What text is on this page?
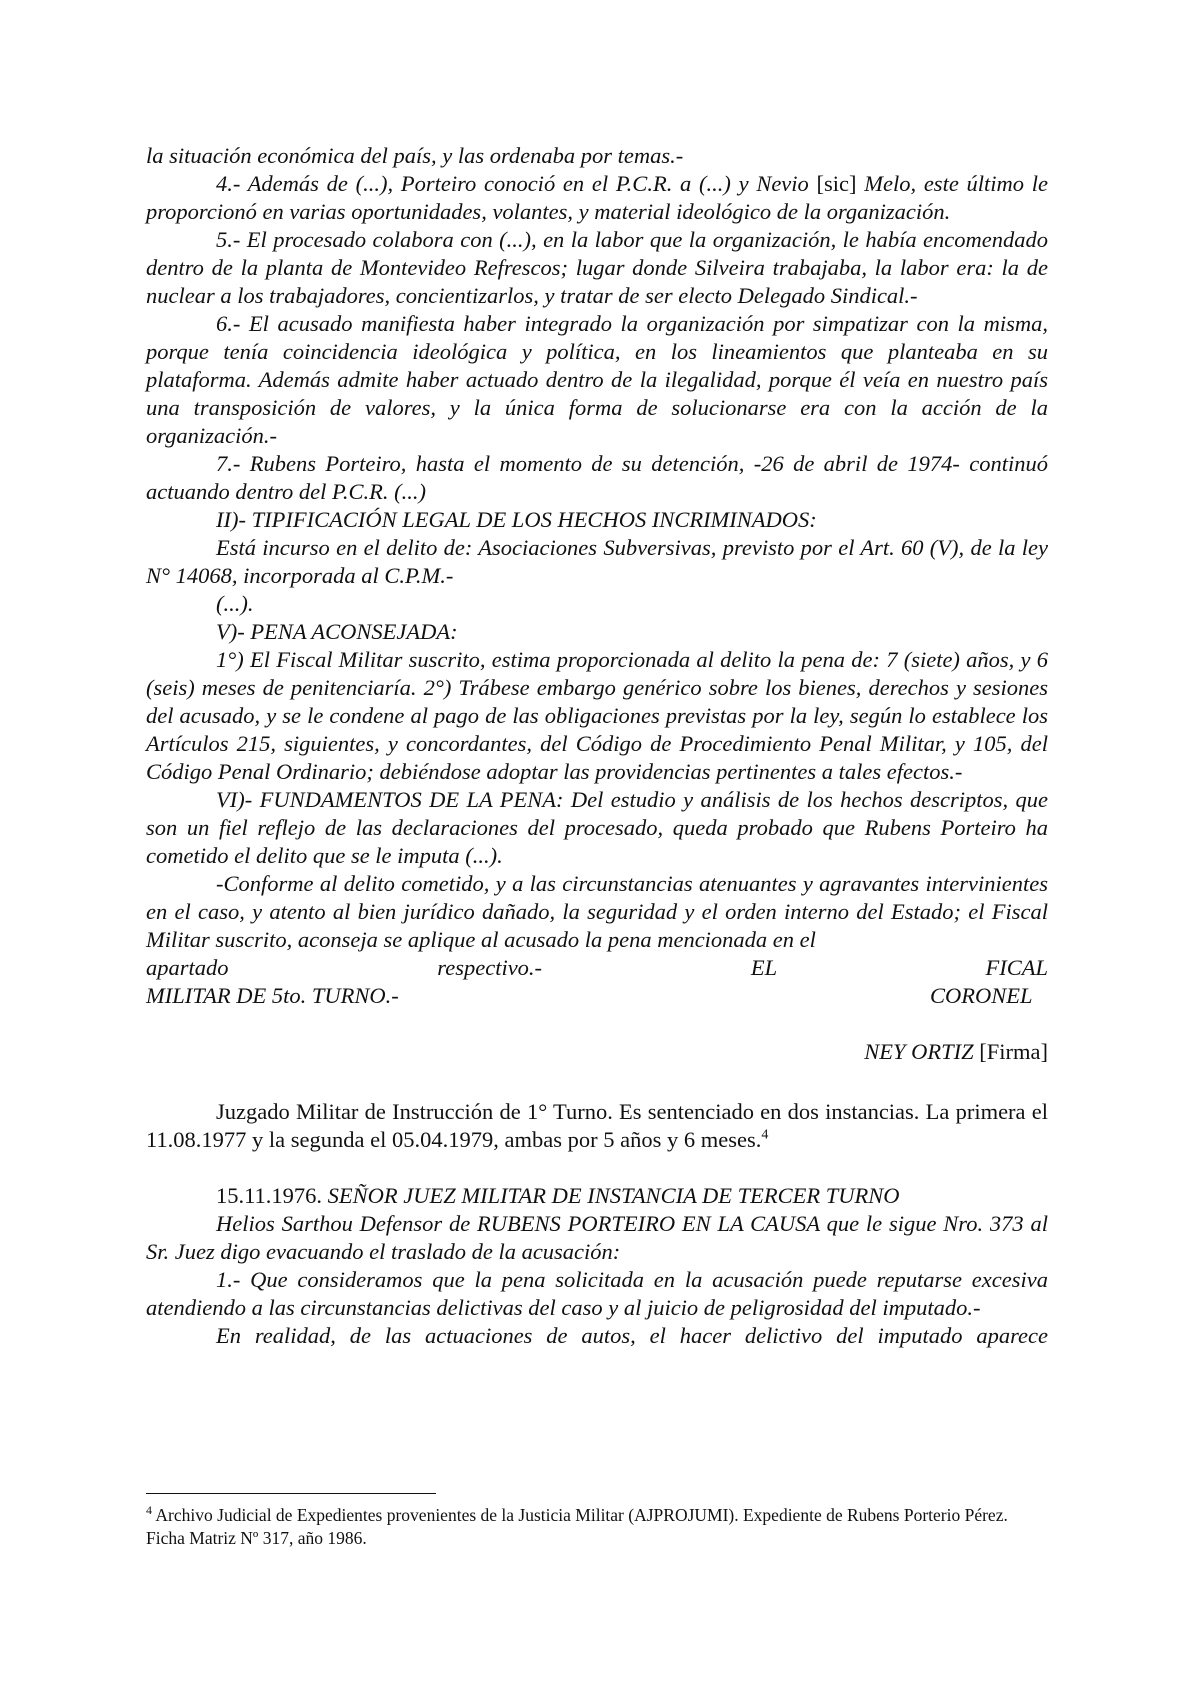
la situación económica del país, y las ordenaba por temas.-

4.- Además de (...), Porteiro conoció en el P.C.R. a (...) y Nevio [sic] Melo, este último le proporcionó en varias oportunidades, volantes, y material ideológico de la organización.

5.- El procesado colabora con (...), en la labor que la organización, le había encomendado dentro de la planta de Montevideo Refrescos; lugar donde Silveira trabajaba, la labor era: la de nuclear a los trabajadores, concientizarlos, y tratar de ser electo Delegado Sindical.-

6.- El acusado manifiesta haber integrado la organización por simpatizar con la misma, porque tenía coincidencia ideológica y política, en los lineamientos que planteaba en su plataforma. Además admite haber actuado dentro de la ilegalidad, porque él veía en nuestro país una transposición de valores, y la única forma de solucionarse era con la acción de la organización.-

7.- Rubens Porteiro, hasta el momento de su detención, -26 de abril de 1974- continuó actuando dentro del P.C.R. (...)

II)- TIPIFICACIÓN LEGAL DE LOS HECHOS INCRIMINADOS:

Está incurso en el delito de: Asociaciones Subversivas, previsto por el Art. 60 (V), de la ley N° 14068, incorporada al C.P.M.-

(...).

V)- PENA ACONSEJADA:

1°) El Fiscal Militar suscrito, estima proporcionada al delito la pena de: 7 (siete) años, y 6 (seis) meses de penitenciaría. 2°) Trábese embargo genérico sobre los bienes, derechos y sesiones del acusado, y se le condene al pago de las obligaciones previstas por la ley, según lo establece los Artículos 215, siguientes, y concordantes, del Código de Procedimiento Penal Militar, y 105, del Código Penal Ordinario; debiéndose adoptar las providencias pertinentes a tales efectos.-

VI)- FUNDAMENTOS DE LA PENA: Del estudio y análisis de los hechos descriptos, que son un fiel reflejo de las declaraciones del procesado, queda probado que Rubens Porteiro ha cometido el delito que se le imputa (...).

-Conforme al delito cometido, y a las circunstancias atenuantes y agravantes intervinientes en el caso, y atento al bien jurídico dañado, la seguridad y el orden interno del Estado; el Fiscal Militar suscrito, aconseja se aplique al acusado la pena mencionada en el

apartado respectivo.- EL FICAL

MILITAR DE 5to. TURNO.-	CORONEL

NEY ORTIZ [Firma]

Juzgado Militar de Instrucción de 1° Turno. Es sentenciado en dos instancias. La primera el 11.08.1977 y la segunda el 05.04.1979, ambas por 5 años y 6 meses.$^4$

15.11.1976. SEÑOR JUEZ MILITAR DE INSTANCIA DE TERCER TURNO

Helios Sarthou Defensor de RUBENS PORTEIRO EN LA CAUSA que le sigue Nro. 373 al Sr. Juez digo evacuando el traslado de la acusación:

1.- Que consideramos que la pena solicitada en la acusación puede reputarse excesiva atendiendo a las circunstancias delictivas del caso y al juicio de peligrosidad del imputado.-

En realidad, de las actuaciones de autos, el hacer delictivo del imputado aparece

$^4$ Archivo Judicial de Expedientes provenientes de la Justicia Militar (AJPROJUMI). Expediente de Rubens Porterio Pérez. Ficha Matriz Nº 317, año 1986.
